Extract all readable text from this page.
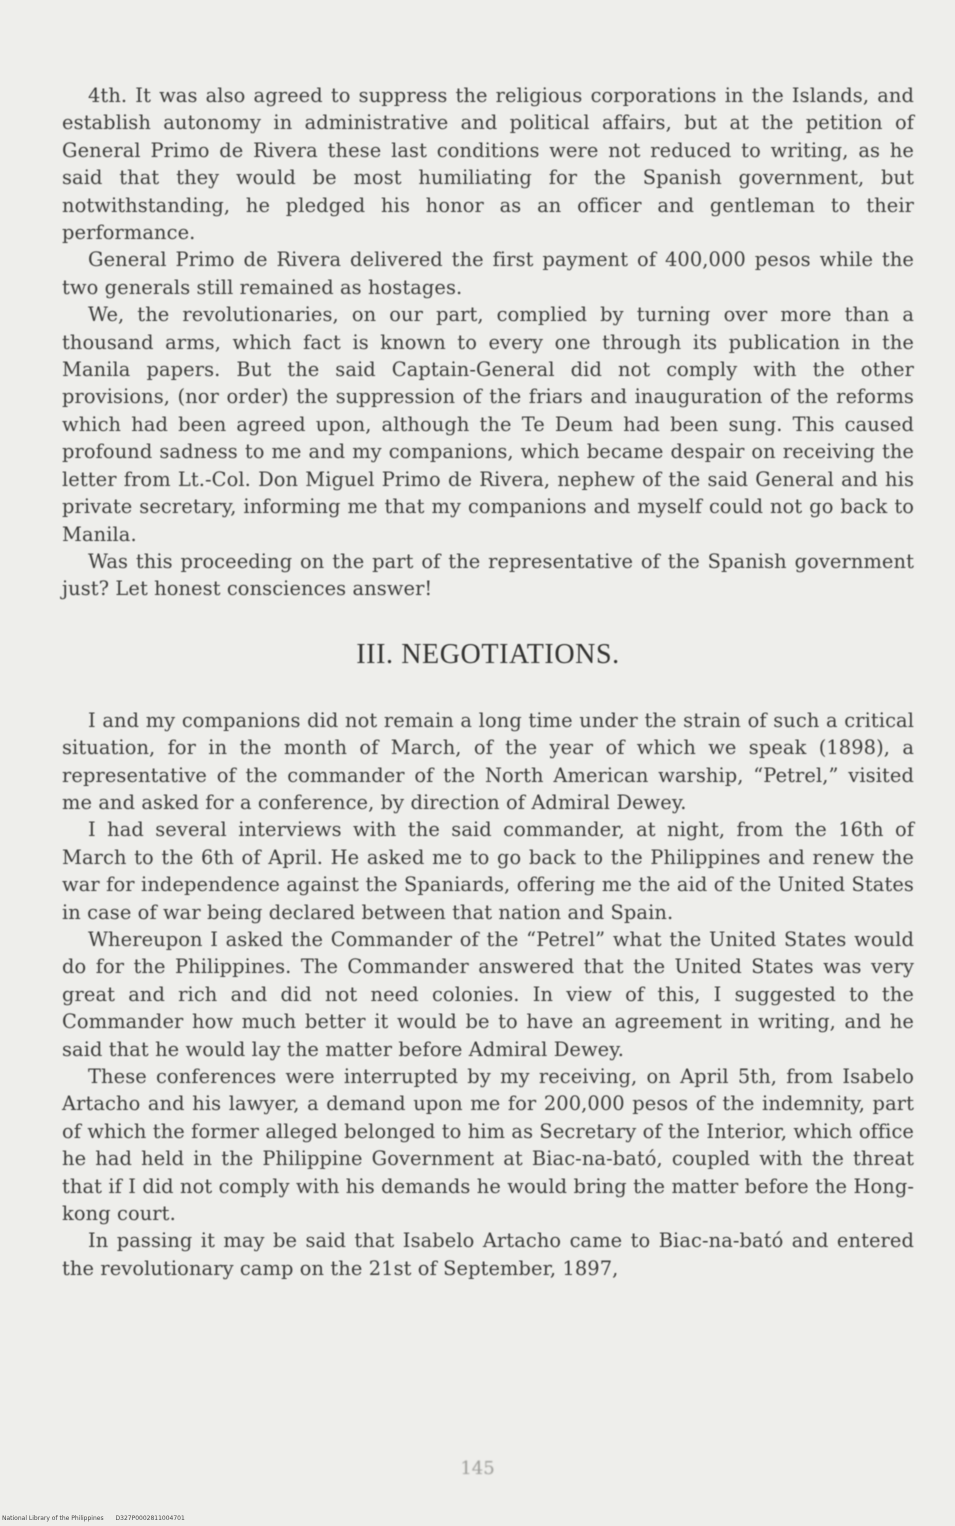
4th. It was also agreed to suppress the religious corporations in the Islands, and establish autonomy in administrative and political affairs, but at the petition of General Primo de Rivera these last conditions were not reduced to writing, as he said that they would be most humiliating for the Spanish government, but notwithstanding, he pledged his honor as an officer and gentleman to their performance.

General Primo de Rivera delivered the first payment of 400,000 pesos while the two generals still remained as hostages.

We, the revolutionaries, on our part, complied by turning over more than a thousand arms, which fact is known to every one through its publication in the Manila papers. But the said Captain-General did not comply with the other provisions, (nor order) the suppression of the friars and inauguration of the reforms which had been agreed upon, although the Te Deum had been sung. This caused profound sadness to me and my companions, which became despair on receiving the letter from Lt.-Col. Don Miguel Primo de Rivera, nephew of the said General and his private secretary, informing me that my companions and myself could not go back to Manila.

Was this proceeding on the part of the representative of the Spanish government just? Let honest consciences answer!

III. NEGOTIATIONS.

I and my companions did not remain a long time under the strain of such a critical situation, for in the month of March, of the year of which we speak (1898), a representative of the commander of the North American warship, “Petrel,” visited me and asked for a conference, by direction of Admiral Dewey.

I had several interviews with the said commander, at night, from the 16th of March to the 6th of April. He asked me to go back to the Philippines and renew the war for independence against the Spaniards, offering me the aid of the United States in case of war being declared between that nation and Spain.

Whereupon I asked the Commander of the “Petrel” what the United States would do for the Philippines. The Commander answered that the United States was very great and rich and did not need colonies. In view of this, I suggested to the Commander how much better it would be to have an agreement in writing, and he said that he would lay the matter before Admiral Dewey.

These conferences were interrupted by my receiving, on April 5th, from Isabelo Artacho and his lawyer, a demand upon me for 200,000 pesos of the indemnity, part of which the former alleged belonged to him as Secretary of the Interior, which office he had held in the Philippine Government at Biac-na-bató, coupled with the threat that if I did not comply with his demands he would bring the matter before the Hong-kong court.

In passing it may be said that Isabelo Artacho came to Biac-na-bató and entered the revolutionary camp on the 21st of September, 1897,

145
National Library of the Philippines D327P0002811004701
